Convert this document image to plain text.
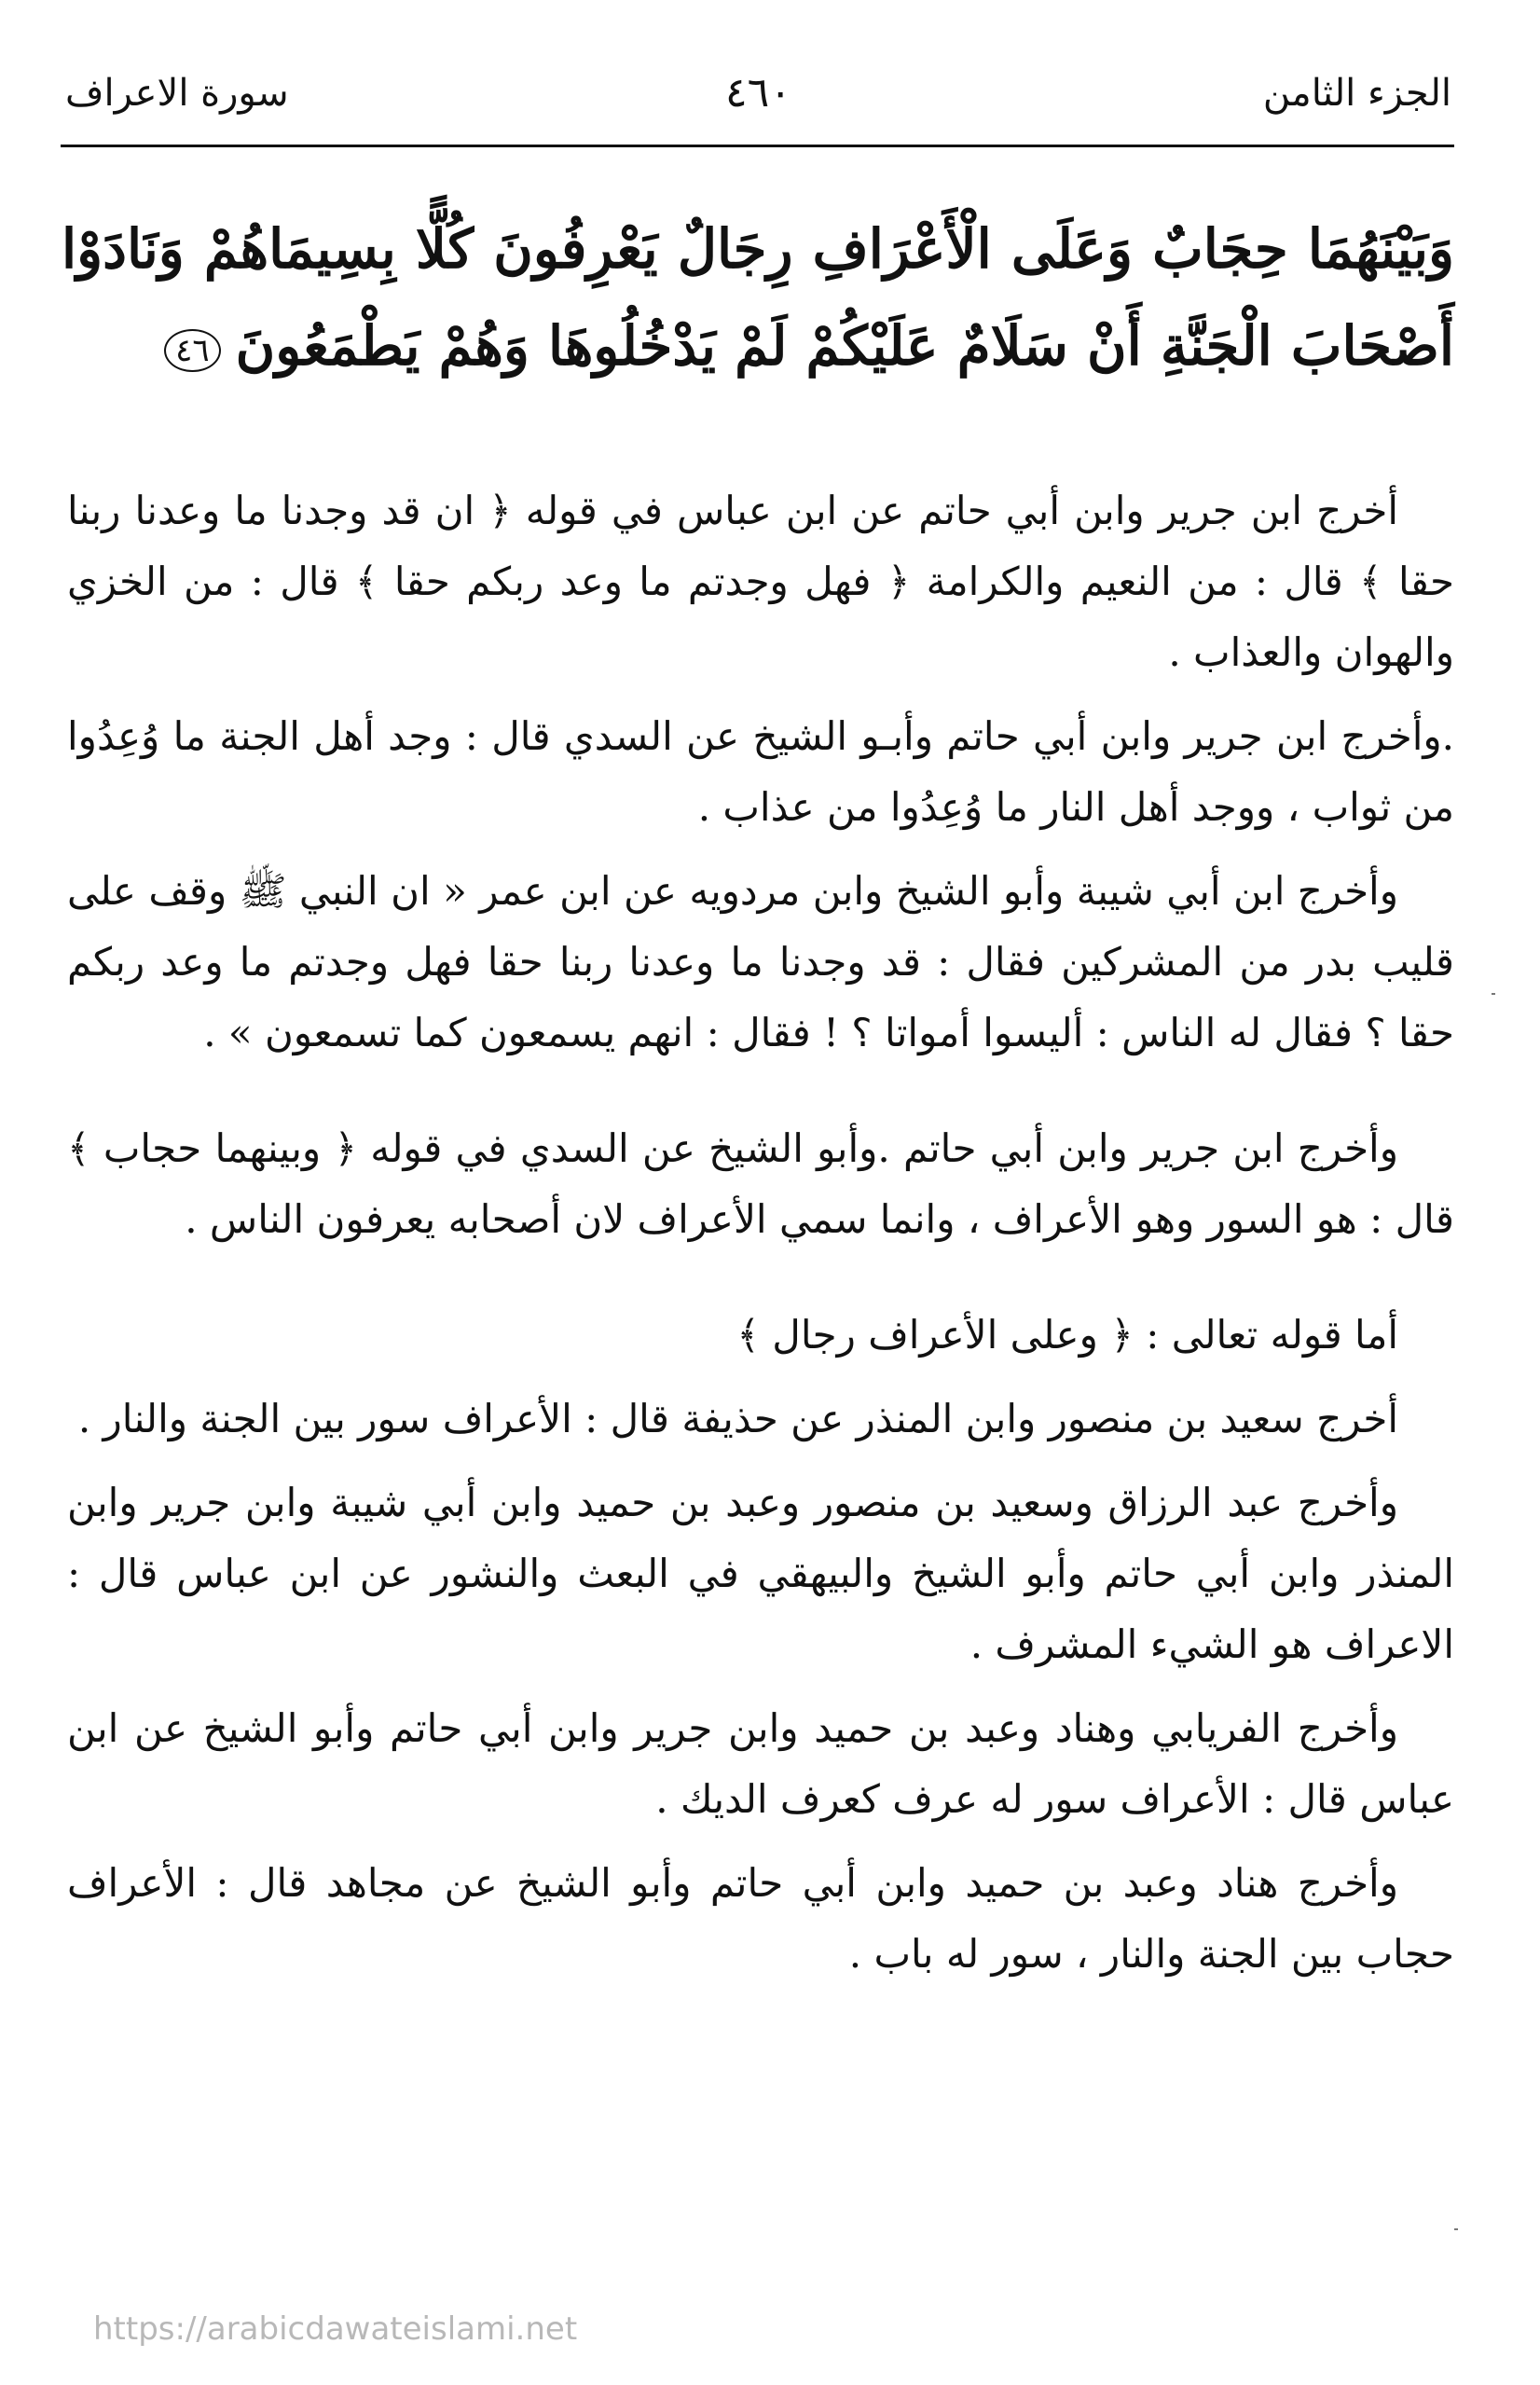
الجزء الثامن
٤٦٠
سورة الاعراف
وَبَيْنَهُمَا حِجَابٌ وَعَلَى الْأَعْرَافِ رِجَالٌ يَعْرِفُونَ كُلًّا بِسِيمَاهُمْ وَنَادَوْا أَصْحَابَ الْجَنَّةِ أَنْ سَلَامٌ عَلَيْكُمْ لَمْ يَدْخُلُوهَا وَهُمْ يَطْمَعُونَ٤٦

أخرج ابن جرير وابن أبي حاتم عن ابن عباس في قوله ﴿ ان قد وجدنا ما وعدنا ربنا حقا ﴾ قال : من النعيم والكرامة ﴿ فهل وجدتم ما وعد ربكم حقا ﴾ قال : من الخزي والهوان والعذاب .

.وأخرج ابن جرير وابن أبي حاتم وأبـو الشيخ عن السدي قال : وجد أهل الجنة ما وُعِدُوا من ثواب ، ووجد أهل النار ما وُعِدُوا من عذاب .

وأخرج ابن أبي شيبة وأبو الشيخ وابن مردويه عن ابن عمر « ان النبي ﷺ وقف على قليب بدر من المشركين فقال : قد وجدنا ما وعدنا ربنا حقا فهل وجدتم ما وعد ربكم حقا ؟ فقال له الناس : أليسوا أمواتا ؟ ! فقال : انهم يسمعون كما تسمعون » .

وأخرج ابن جرير وابن أبي حاتم .وأبو الشيخ عن السدي في قوله ﴿ وبينهما حجاب ﴾ قال : هو السور وهو الأعراف ، وانما سمي الأعراف لان أصحابه يعرفون الناس .

أما قوله تعالى : ﴿ وعلى الأعراف رجال ﴾

أخرج سعيد بن منصور وابن المنذر عن حذيفة قال : الأعراف سور بين الجنة والنار .

وأخرج عبد الرزاق وسعيد بن منصور وعبد بن حميد وابن أبي شيبة وابن جرير وابن المنذر وابن أبي حاتم وأبو الشيخ والبيهقي في البعث والنشور عن ابن عباس قال : الاعراف هو الشيء المشرف .

وأخرج الفريابي وهناد وعبد بن حميد وابن جرير وابن أبي حاتم وأبو الشيخ عن ابن عباس قال : الأعراف سور له عرف كعرف الديك .

وأخرج هناد وعبد بن حميد وابن أبي حاتم وأبو الشيخ عن مجاهد قال : الأعراف حجاب بين الجنة والنار ، سور له باب .

https://arabicdawateislami.net
